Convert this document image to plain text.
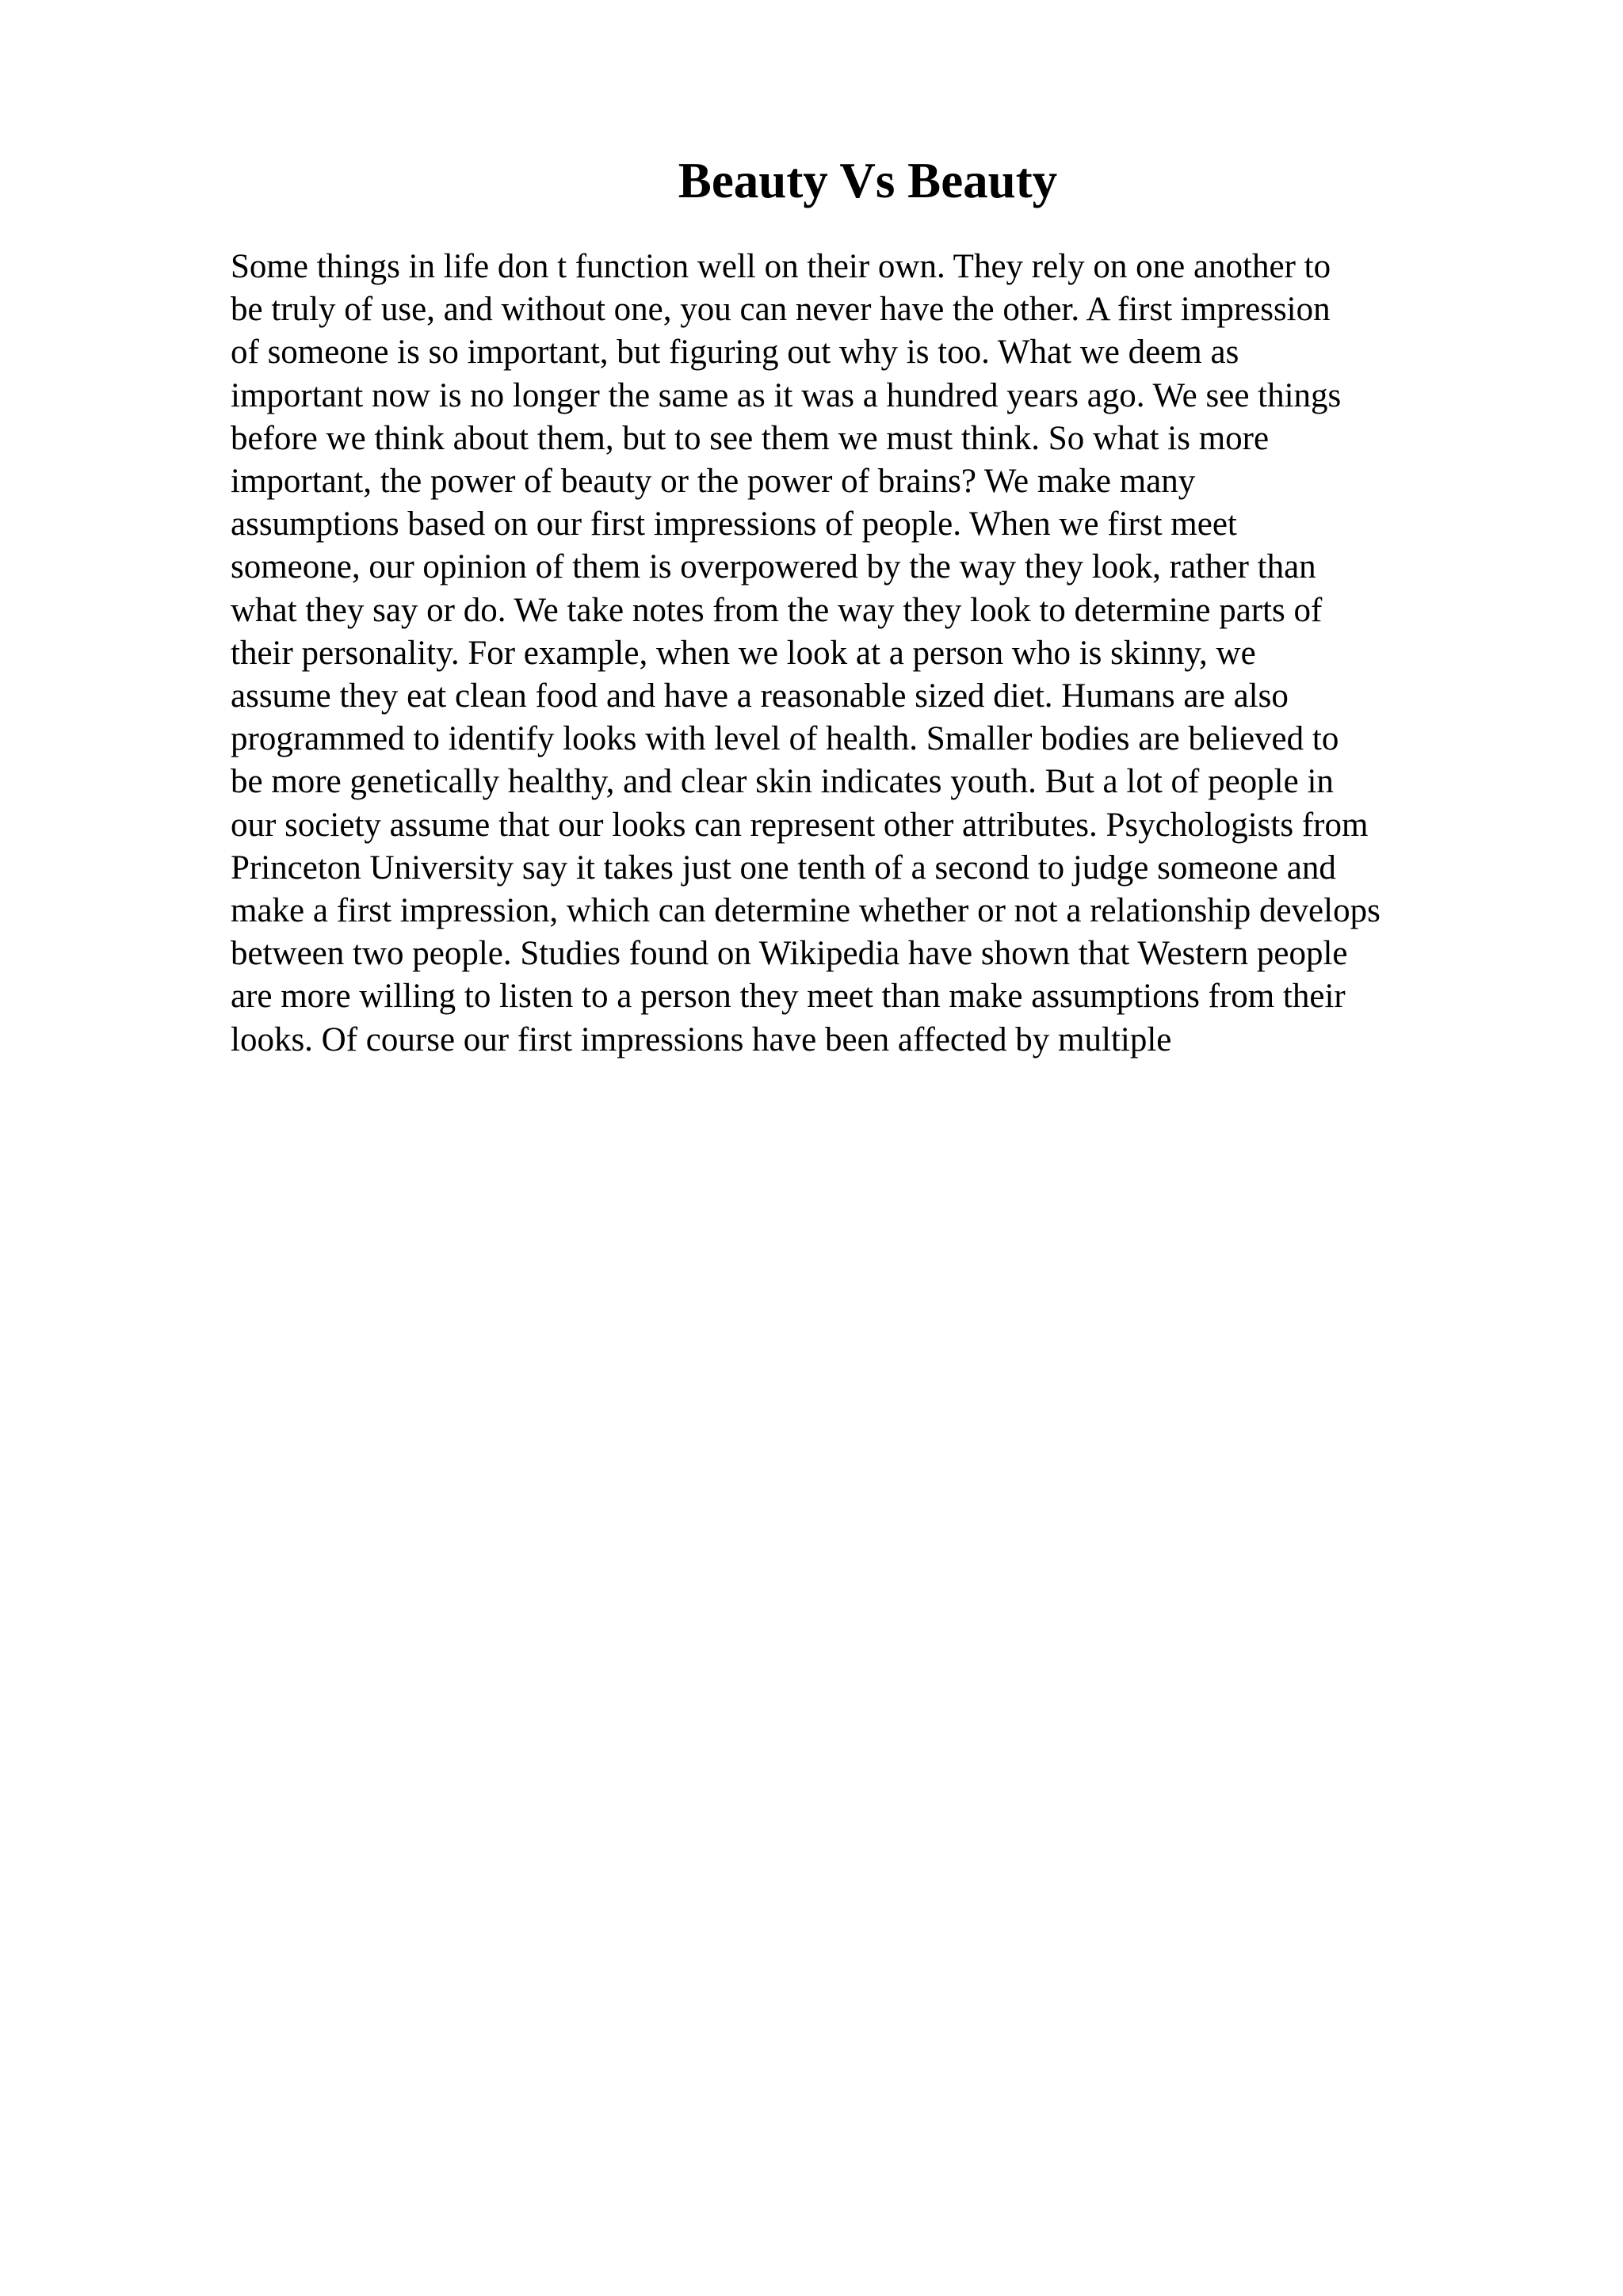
Beauty Vs Beauty
Some things in life don t function well on their own. They rely on one another to
be truly of use, and without one, you can never have the other. A first impression
of someone is so important, but figuring out why is too. What we deem as
important now is no longer the same as it was a hundred years ago. We see things
before we think about them, but to see them we must think. So what is more
important, the power of beauty or the power of brains? We make many
assumptions based on our first impressions of people. When we first meet
someone, our opinion of them is overpowered by the way they look, rather than
what they say or do. We take notes from the way they look to determine parts of
their personality. For example, when we look at a person who is skinny, we
assume they eat clean food and have a reasonable sized diet. Humans are also
programmed to identify looks with level of health. Smaller bodies are believed to
be more genetically healthy, and clear skin indicates youth. But a lot of people in
our society assume that our looks can represent other attributes. Psychologists from
Princeton University say it takes just one tenth of a second to judge someone and
make a first impression, which can determine whether or not a relationship develops
between two people. Studies found on Wikipedia have shown that Western people
are more willing to listen to a person they meet than make assumptions from their
looks. Of course our first impressions have been affected by multiple
